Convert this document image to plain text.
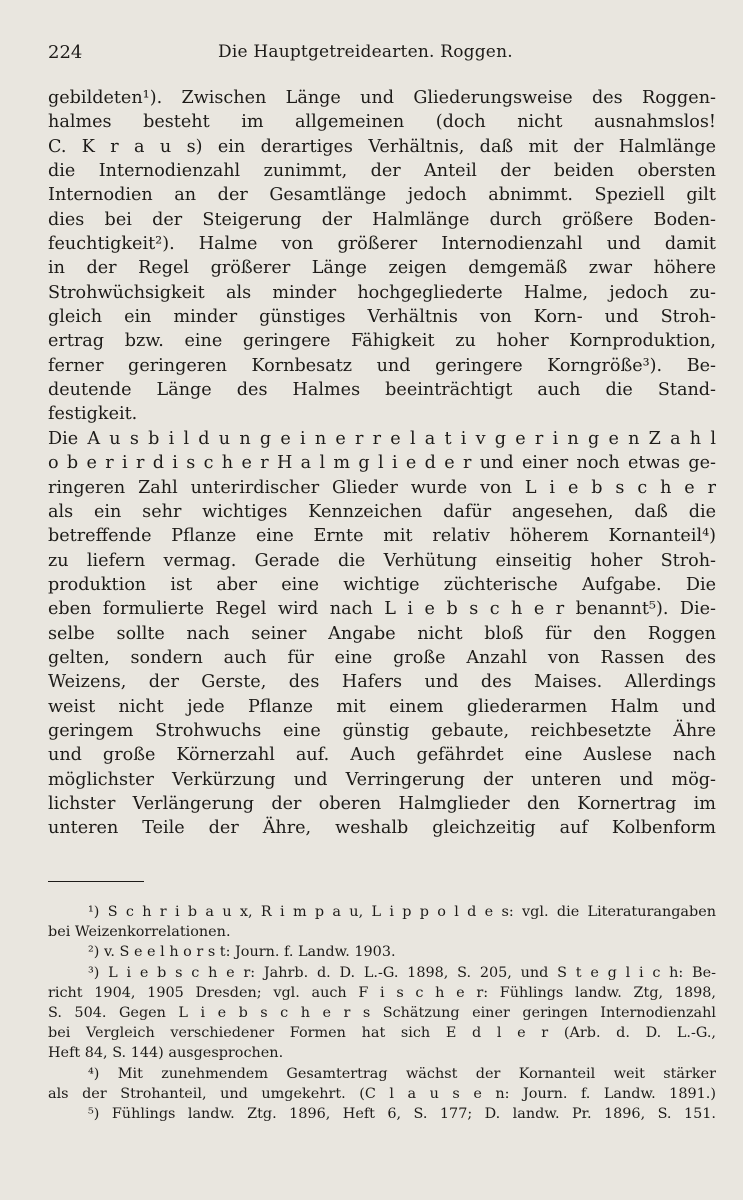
224	Die Hauptgetreidearten. Roggen.
gebildeten¹). Zwischen Länge und Gliederungsweise des Roggen-
halmes besteht im allgemeinen (doch nicht ausnahmslos!
C. K r a u s) ein derartiges Verhältnis, daß mit der Halmlänge
die Internodienzahl zunimmt, der Anteil der beiden obersten
Internodien an der Gesamtlänge jedoch abnimmt. Speziell gilt
dies bei der Steigerung der Halmlänge durch größere Boden-
feuchtigkeit²). Halme von größerer Internodienzahl und damit
in der Regel größerer Länge zeigen demgemäß zwar höhere
Strohwüchsigkeit als minder hochgegliederte Halme, jedoch zu-
gleich ein minder günstiges Verhältnis von Korn- und Stroh-
ertrag bzw. eine geringere Fähigkeit zu hoher Kornproduktion,
ferner geringeren Kornbesatz und geringere Korngröße³). Be-
deutende Länge des Halmes beeinträchtigt auch die Stand-
festigkeit.
Die A u s b i l d u n g e i n e r r e l a t i v g e r i n g e n Z a h l
o b e r i r d i s c h e r H a l m g l i e d e r und einer noch etwas ge-
ringeren Zahl unterirdischer Glieder wurde von L i e b s c h e r
als ein sehr wichtiges Kennzeichen dafür angesehen, daß die
betreffende Pflanze eine Ernte mit relativ höherem Kornanteil⁴)
zu liefern vermag. Gerade die Verhütung einseitig hoher Stroh-
produktion ist aber eine wichtige züchterische Aufgabe. Die
eben formulierte Regel wird nach L i e b s c h e r benannt⁵). Die-
selbe sollte nach seiner Angabe nicht bloß für den Roggen
gelten, sondern auch für eine große Anzahl von Rassen des
Weizens, der Gerste, des Hafers und des Maises. Allerdings
weist nicht jede Pflanze mit einem gliederarmen Halm und
geringem Strohwuchs eine günstig gebaute, reichbesetzte Ähre
und große Körnerzahl auf. Auch gefährdet eine Auslese nach
möglichster Verkürzung und Verringerung der unteren und mög-
lichster Verlängerung der oberen Halmglieder den Kornertrag im
unteren Teile der Ähre, weshalb gleichzeitig auf Kolbenform
¹) S c h r i b a u x, R i m p a u, L i p p o l d e s: vgl. die Literaturangaben
bei Weizenkorrelationen.
²) v. S e e l h o r s t: Journ. f. Landw. 1903.
³) L i e b s c h e r: Jahrb. d. D. L.-G. 1898, S. 205, und S t e g l i c h: Be-
richt 1904, 1905 Dresden; vgl. auch F i s c h e r: Fühlings landw. Ztg, 1898,
S. 504. Gegen L i e b s c h e r s Schätzung einer geringen Internodienzahl
bei Vergleich verschiedener Formen hat sich E d l e r (Arb. d. D. L.-G.,
Heft 84, S. 144) ausgesprochen.
⁴) Mit zunehmendem Gesamtertrag wächst der Kornanteil weit stärker
als der Strohanteil, und umgekehrt. (C l a u s e n: Journ. f. Landw. 1891.)
⁵) Fühlings landw. Ztg. 1896, Heft 6, S. 177; D. landw. Pr. 1896, S. 151.
